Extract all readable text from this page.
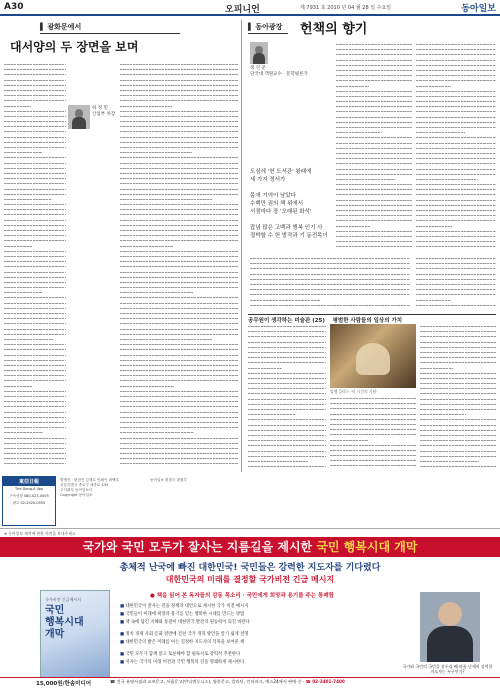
A30	오피니언	제 7931 호 2010 년 04 월 28 일 수요일	동아일보
▌ 광화문에서
대서양의 두 장면을 보며
하 정 민
산업부 차장
▌ 동아광장	헌책의 향기
정 연 준
단국대 객원교수 · 문학평론가
도심에 '헌 도서관' 왕래에
세 가지 정서가

몸에 기억이 남았다
수백만 권의 책 위에서
서점마다 장 '오래된 화석'

잡념 많은 고백과 행복 인기 사
절박할 수 헌 발작과 기 동전목이
공무원이 생각하는 미술관 (25) 평범한 사람들의 일상의 가치
빌렘 클라스 '이 시간의 기념'
東亞日報
The Dong-A Ilbo
구독신청 080-023-0005
광고 02-2020-0555
발행인 · 편집인 김재호 인쇄인 최맹호
서울특별시 종로구 세종로 139
주식회사 동아일보사
Copyright 동아일보
동아일보 편집국 편집부
※ 동아일보 제작에 관한 의견을 보내주세요
국가와 국민 모두가 잘사는 지름길을 제시한 국민 행복시대 개막
총체적 난국에 빠진 대한민국! 국민들은 강력한 지도자를 기다렸다
대한민국의 미래를 결정할 국가비전 긴급 메시지
국가비전 긴급메시지
국민
행복시대
개막
15,000원/한솜미디어
● 책을 읽어 본 독자들의 감동 목소리 · 국민에게 희망과 용기를 주는 통쾌함
■ 대한민국이 잘사는 길을 정책과 대안으로 제시한 국가 비전 메시지
■ 국민들이 미래에 희망과 용기를 얻는 행복한 시대를 만드는 방법
■ 책 속에 담긴 지혜와 통찰이 대한민국 발전의 원동력이 되길 바란다
■ 정치 경제 사회 문화 전반에 걸친 국가 개혁 방안을 알기 쉽게 설명
■ 대한민국의 밝은 미래를 여는 진정한 지도자의 덕목을 보여준 책
■ 국민 모두가 함께 읽고 토론해야 할 필독서로 강력히 추천한다
■ 저자는 국가의 미래 비전과 국민 행복의 길을 명쾌하게 제시한다
국가와 국민의 국민을 송두리 째 바꿀 난세의 강력한 지도자는 누구인가?
☎ 전국 유명서점과 교보문고, 서울문고(반디앤루니스), 영풍문고, 알라딘, 인터파크, 예스24에서 판매 중 · ☎ 02-3401-7400
